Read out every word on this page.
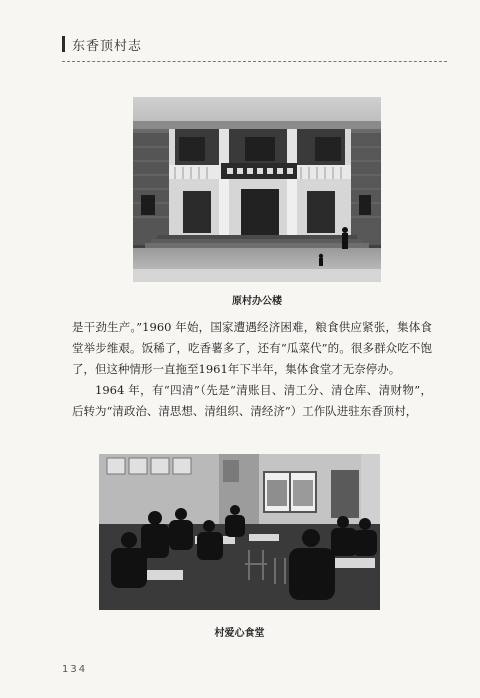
东香顶村志
原村办公楼

是干劲生产。”1960 年始，国家遭遇经济困难，粮食供应紧张，集体食堂举步维艰。饭稀了，吃香薯多了，还有“瓜菜代”的。很多群众吃不饱了，但这种情形一直拖至1961年下半年，集体食堂才无奈停办。

1964 年，有“四清”（先是“清账目、清工分、清仓库、清财物”，后转为“清政治、清思想、清组织、清经济”）工作队进驻东香顶村，

村爱心食堂
134
